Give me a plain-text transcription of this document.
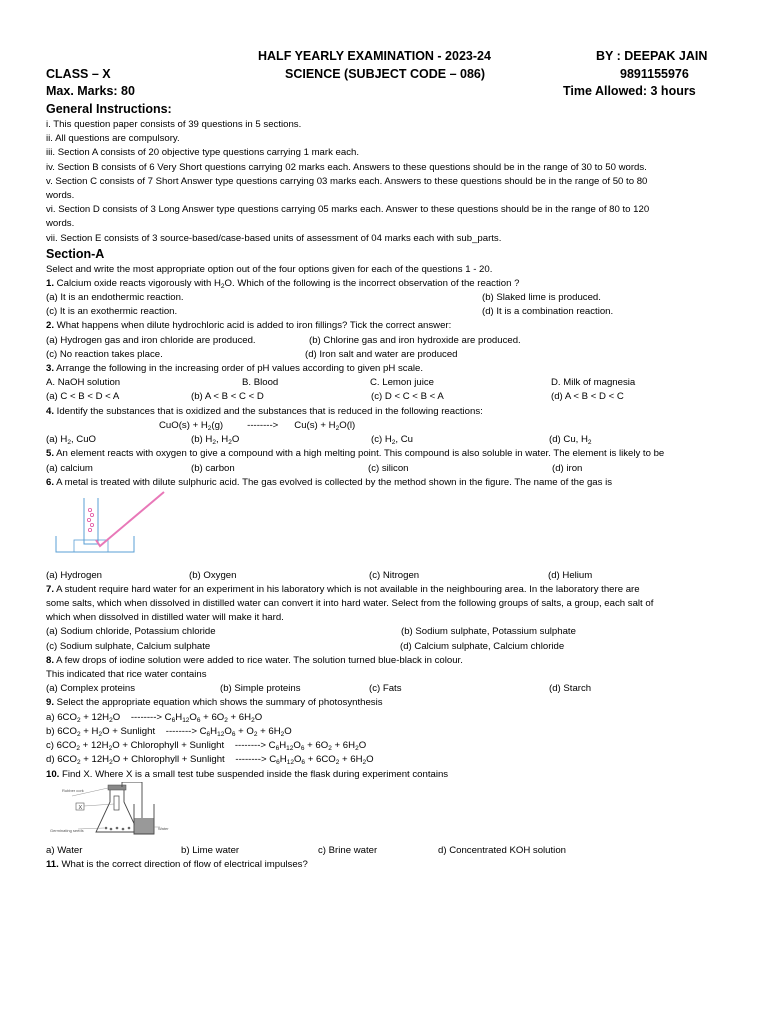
HALF YEARLY EXAMINATION - 2023-24	BY : DEEPAK JAIN
CLASS – X	SCIENCE (SUBJECT CODE – 086)	9891155976
Max. Marks: 80	Time Allowed: 3 hours
General Instructions:
i. This question paper consists of 39 questions in 5 sections.
ii. All questions are compulsory.
iii. Section A consists of 20 objective type questions carrying 1 mark each.
iv. Section B consists of 6 Very Short questions carrying 02 marks each. Answers to these questions should be in the range of 30 to 50 words.
v. Section C consists of 7 Short Answer type questions carrying 03 marks each. Answers to these questions should be in the range of 50 to 80
words.
vi. Section D consists of 3 Long Answer type questions carrying 05 marks each. Answer to these questions should be in the range of 80 to 120
words.
vii. Section E consists of 3 source-based/case-based units of assessment of 04 marks each with sub_parts.
Section-A
Select and write the most appropriate option out of the four options given for each of the questions 1 - 20.
1. Calcium oxide reacts vigorously with $H_2O$. Which of the following is the incorrect observation of the reaction ?
(a) It is an endothermic reaction.	(b) Slaked lime is produced.
(c) It is an exothermic reaction.	(d) It is a combination reaction.
2. What happens when dilute hydrochloric acid is added to iron fillings? Tick the correct answer:
(a) Hydrogen gas and iron chloride are produced.	(b) Chlorine gas and iron hydroxide are produced.
(c) No reaction takes place.	(d) Iron salt and water are produced
3. Arrange the following in the increasing order of pH values according to given pH scale.
A. NaOH solution	B. Blood	C. Lemon juice	D. Milk of magnesia
(a) C < B < D < A	(b) A < B < C < D	(c) D < C < B < A	(d) A < B < D < C
4. Identify the substances that is oxidized and the substances that is reduced in the following reactions:
$CuO(s) + H_2(g)$         -------->      $Cu(s) + H_2O(l)$
(a) $H_2$, CuO	(b) $H_2$, $H_2O$	(c) $H_2$, Cu	(d) Cu, $H_2$
5. An element reacts with oxygen to give a compound with a high melting point. This compound is also soluble in water. The element is likely to be
(a) calcium	(b) carbon	(c) silicon	(d) iron
6. A metal is treated with dilute sulphuric acid. The gas evolved is collected by the method shown in the figure. The name of the gas is
(a) Hydrogen	(b) Oxygen	(c) Nitrogen	(d) Helium
7. A student require hard water for an experiment in his laboratory which is not available in the neighbouring area. In the laboratory there are
some salts, which when dissolved in distilled water can convert it into hard water. Select from the following groups of salts, a group, each salt of
which when dissolved in distilled water will make it hard.
(a) Sodium chloride, Potassium chloride	(b) Sodium sulphate, Potassium sulphate
(c) Sodium sulphate, Calcium sulphate	(d) Calcium sulphate, Calcium chloride
8. A few drops of iodine solution were added to rice water. The solution turned blue-black in colour.
This indicated that rice water contains
(a) Complex proteins	(b) Simple proteins	(c) Fats	(d) Starch
9. Select the appropriate equation which shows the summary of photosynthesis
a) $6CO_2 + 12H_2O$    --------> $C_6H_{12}O_6 + 6O_2 + 6H_2O$
b) $6CO_2 + H_2O$ + Sunlight    --------> $C_6H_{12}O_6 + O_2 + 6H_2O$
c) $6CO_2 + 12H_2O$ + Chlorophyll + Sunlight    --------> $C_6H_{12}O_6 + 6O_2 + 6H_2O$
d) $6CO_2 + 12H_2O$ + Chlorophyll + Sunlight    --------> $C_6H_{12}O_6 + 6CO_2 + 6H_2O$
10. Find X. Where X is a small test tube suspended inside the flask during experiment contains
X
Rubber cork
Germinating seeds	Water
a) Water	b) Lime water	c) Brine water	d) Concentrated KOH solution
11. What is the correct direction of flow of electrical impulses?
